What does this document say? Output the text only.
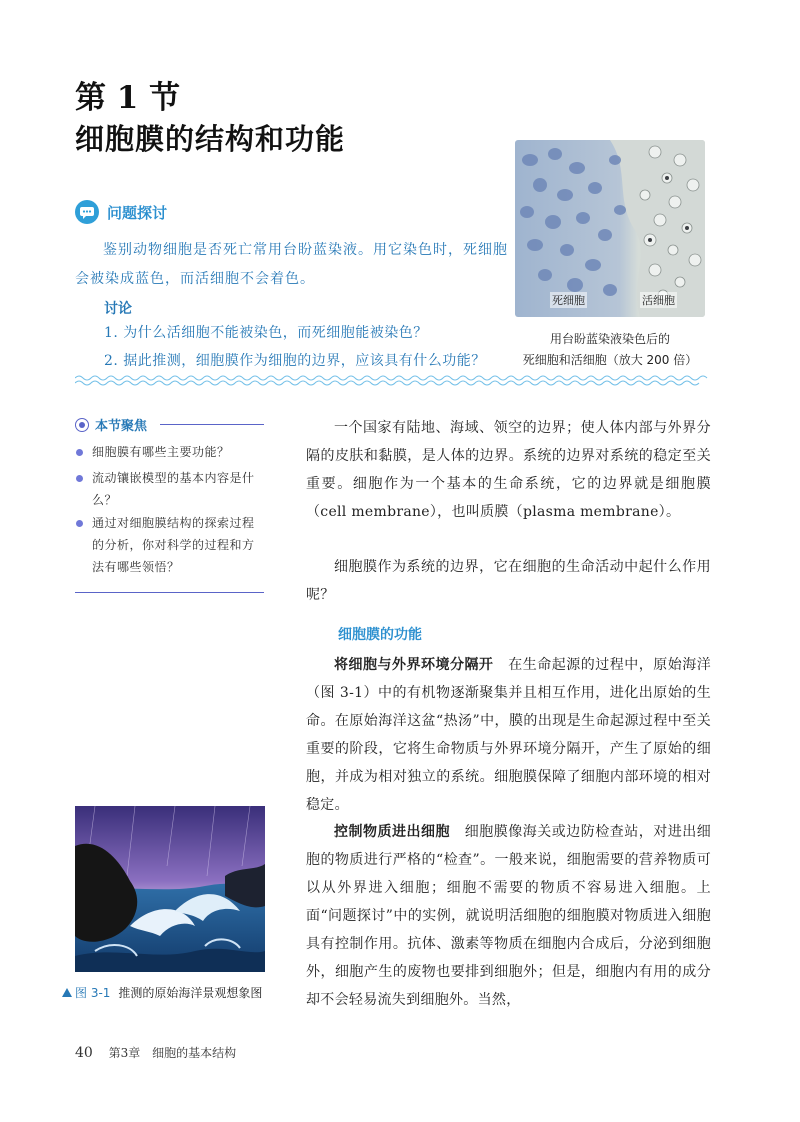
第 1 节
细胞膜的结构和功能
问题探讨
鉴别动物细胞是否死亡常用台盼蓝染液。用它染色时，死细胞会被染成蓝色，而活细胞不会着色。
讨论
1. 为什么活细胞不能被染色，而死细胞能被染色？
2. 据此推测，细胞膜作为细胞的边界，应该具有什么功能？
死细胞	活细胞
用台盼蓝染液染色后的
死细胞和活细胞（放大 200 倍）
本节聚焦
细胞膜有哪些主要功能？
流动镶嵌模型的基本内容是什么？
通过对细胞膜结构的探索过程的分析，你对科学的过程和方法有哪些领悟？
一个国家有陆地、海域、领空的边界；使人体内部与外界分隔的皮肤和黏膜，是人体的边界。系统的边界对系统的稳定至关重要。细胞作为一个基本的生命系统，它的边界就是细胞膜（cell membrane），也叫质膜（plasma membrane）。
细胞膜作为系统的边界，它在细胞的生命活动中起什么作用呢？
细胞膜的功能
将细胞与外界环境分隔开 在生命起源的过程中，原始海洋（图 3-1）中的有机物逐渐聚集并且相互作用，进化出原始的生命。在原始海洋这盆“热汤”中，膜的出现是生命起源过程中至关重要的阶段，它将生命物质与外界环境分隔开，产生了原始的细胞，并成为相对独立的系统。细胞膜保障了细胞内部环境的相对稳定。
控制物质进出细胞 细胞膜像海关或边防检查站，对进出细胞的物质进行严格的“检查”。一般来说，细胞需要的营养物质可以从外界进入细胞；细胞不需要的物质不容易进入细胞。上面“问题探讨”中的实例，就说明活细胞的细胞膜对物质进入细胞具有控制作用。抗体、激素等物质在细胞内合成后，分泌到细胞外，细胞产生的废物也要排到细胞外；但是，细胞内有用的成分却不会轻易流失到细胞外。当然，
图 3-1 推测的原始海洋景观想象图
40 第3章 细胞的基本结构
